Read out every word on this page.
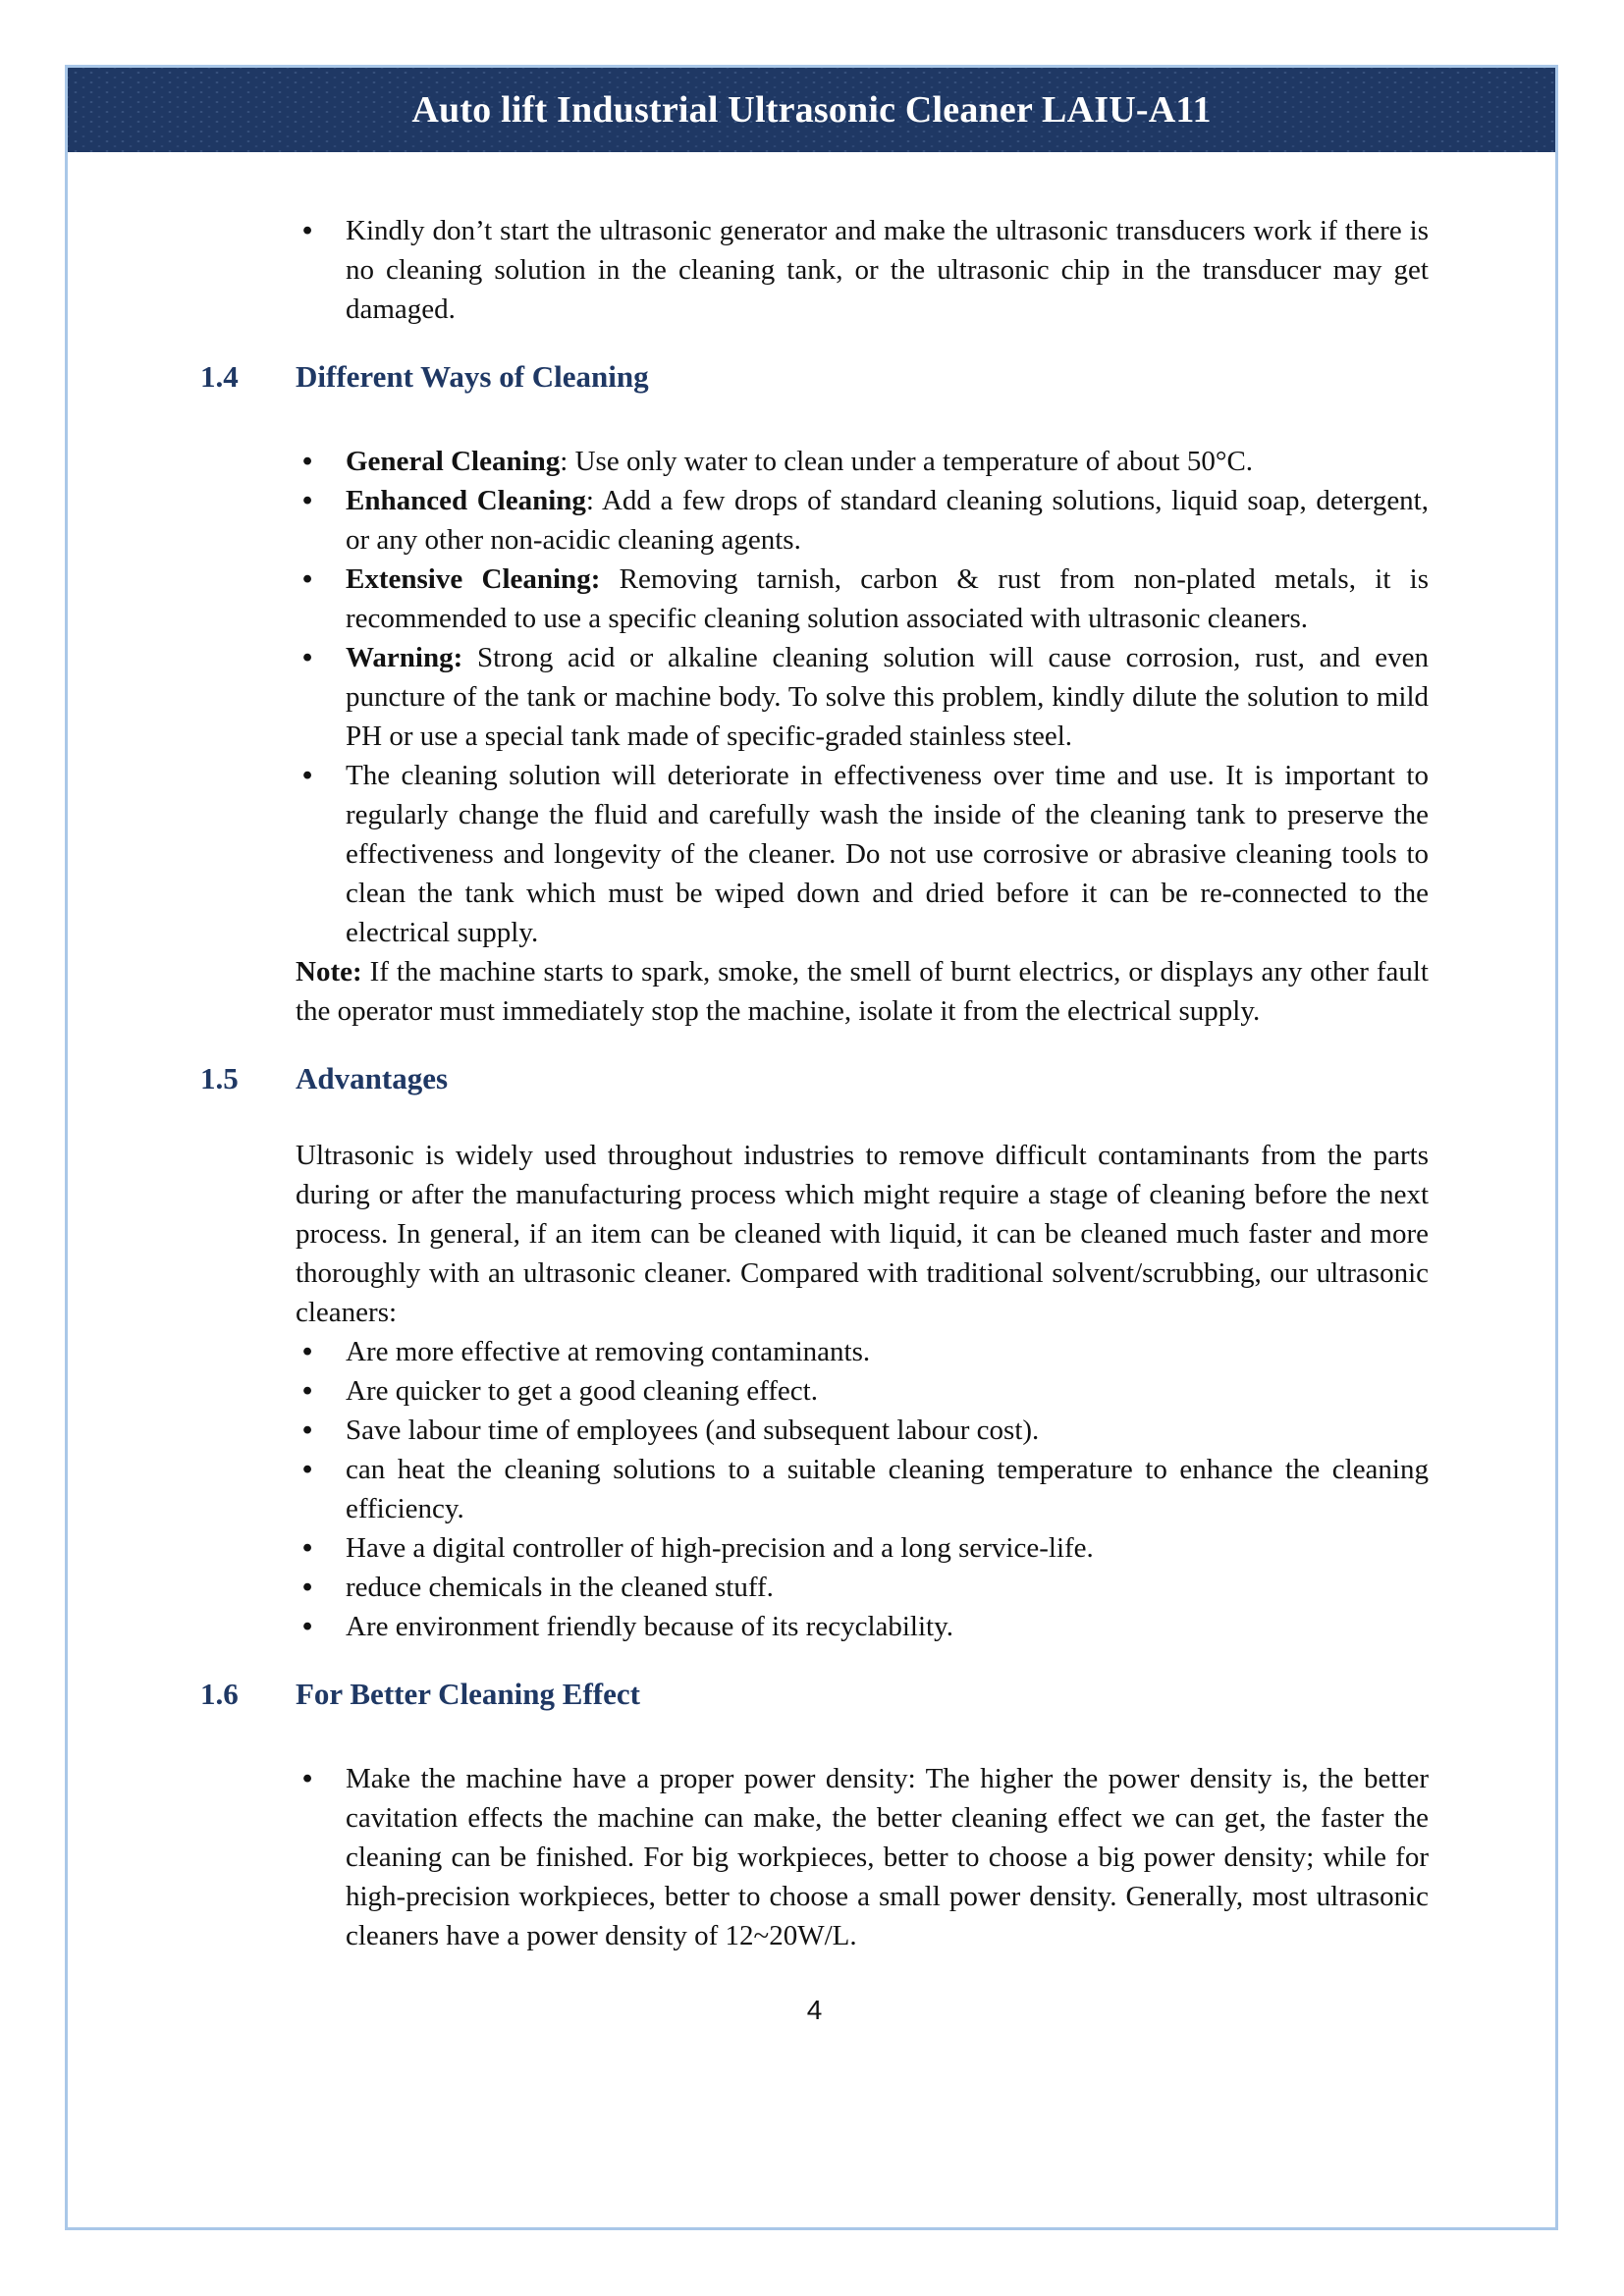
Auto lift Industrial Ultrasonic Cleaner LAIU-A11
•
Kindly don’t start the ultrasonic generator and make the ultrasonic transducers work if there is no cleaning solution in the cleaning tank, or the ultrasonic chip in the transducer may get damaged.
1.4	Different Ways of Cleaning
•
General Cleaning: Use only water to clean under a temperature of about 50°C.
•
Enhanced Cleaning: Add a few drops of standard cleaning solutions, liquid soap, detergent, or any other non-acidic cleaning agents.
•
Extensive Cleaning: Removing tarnish, carbon & rust from non-plated metals, it is recommended to use a specific cleaning solution associated with ultrasonic cleaners.
•
Warning: Strong acid or alkaline cleaning solution will cause corrosion, rust, and even puncture of the tank or machine body. To solve this problem, kindly dilute the solution to mild PH or use a special tank made of specific-graded stainless steel.
•
The cleaning solution will deteriorate in effectiveness over time and use. It is important to regularly change the fluid and carefully wash the inside of the cleaning tank to preserve the effectiveness and longevity of the cleaner. Do not use corrosive or abrasive cleaning tools to clean the tank which must be wiped down and dried before it can be re-connected to the electrical supply.

Note: If the machine starts to spark, smoke, the smell of burnt electrics, or displays any other fault the operator must immediately stop the machine, isolate it from the electrical supply.

1.5	Advantages

Ultrasonic is widely used throughout industries to remove difficult contaminants from the parts during or after the manufacturing process which might require a stage of cleaning before the next process. In general, if an item can be cleaned with liquid, it can be cleaned much faster and more thoroughly with an ultrasonic cleaner. Compared with traditional solvent/scrubbing, our ultrasonic cleaners:

•
Are more effective at removing contaminants.
•
Are quicker to get a good cleaning effect.
•
Save labour time of employees (and subsequent labour cost).
•
can heat the cleaning solutions to a suitable cleaning temperature to enhance the cleaning efficiency.
•
Have a digital controller of high-precision and a long service-life.
•
reduce chemicals in the cleaned stuff.
•
Are environment friendly because of its recyclability.
1.6	For Better Cleaning Effect
•
Make the machine have a proper power density: The higher the power density is, the better cavitation effects the machine can make, the better cleaning effect we can get, the faster the cleaning can be finished. For big workpieces, better to choose a big power density; while for high-precision workpieces, better to choose a small power density. Generally, most ultrasonic cleaners have a power density of 12~20W/L.
4
